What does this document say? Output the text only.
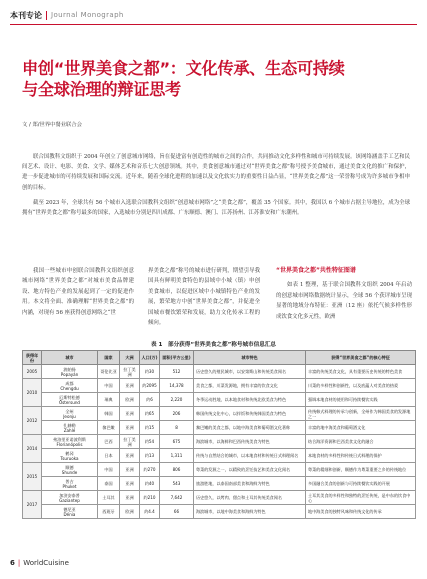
本刊专论 Journal Monograph
申创“世界美食之都”：文化传承、生态可持续
与全球治理的辩证思考
文 / 郑/世界中餐业联合会

联合国教科文组织于 2004 年创立了创意城市网络，旨在促进富有创造性的城市之间的合作，共同推动文化多样性和城市可持续发展。该网络涵盖手工艺和民间艺术、设计、电影、美食、文学、媒体艺术和音乐七大创意领域。其中，美食创意城市通过对“世界美食之都”称号授予美食城市，通过美食文化的推广和保护，进一步促进城市的可持续发展和国际交流。近年来，随着全球化进程的加速以及文化软实力的重要性日益凸显，“世界美食之都”这一荣誉称号成为许多城市争相申创的目标。

截至 2023 年，全球共有 56 个城市入选联合国教科文组织“创意城市网络”之“美食之都”，覆盖 35 个国家。其中，我国以 6 个城市占据主导地位，成为全球拥有“世界美食之都”称号最多的国家，入选城市分别是四川成都、广东顺德、澳门、江苏扬州、江苏淮安和广东潮州。

我国一些城市申创联合国教科文组织创意城市网络“世界美食之都”对城市美食品牌建设、地方特色产业的发展起到了一定的促进作用。本文将全面、准确理解“世界美食之都”的内涵，对现有 56 座获得创意网络之“世

界美食之都”称号的城市进行研判，期望引导我国具有鲜明美食特色的县域中小城（镇）申创美食城市，以促进区域中小城镇特色产业的发展，繁荣地方中创“世界美食之都”，并促进全国城市餐饮繁荣和发展，助力文化传承工程的倾向。

“世界美食之都”共性特征图谱

如表 1 整理，基于联合国教科文组织 2004 年启动的创意城市网络数据统计显示，全球 56 个获评城市呈现显著的地域分布特征：亚洲（12 座）依托气候多样性形成饮食文化多元性，欧洲

表 1　部分获得“世界美食之都”称号城市信息汇总
获得年份	城市	国家	大洲	人口(万)	面积(平方公里)	城市特色	获得“世界美食之都”的核心特征
2005	波帕扬
Popayán	哥伦比亚	拉丁美洲	约30	512	历史悠久的殖民城市，以安第斯山和传统美食闻名	丰富的传统美食文化，具有重要历史传统的特色美食
2010	成都
Chengdu	中国	亚洲	约2095	14,378	美食之都，川菜发源地，拥有丰富的饮食文化	川菜的多样性和创新性，以及底蕴人对美食的热爱

	厄斯特松德
Östersund	瑞典	欧洲	约6	2,220	冬季运动胜地，以本地食材和传统北欧美食为特色	强调本地食材的使用和可持续餐饮实践
2012	全州
Jeonju	韩国	亚洲	约65	206	韩国传统文化中心，以拌饭和传统韩国美食为特色	传统韩式料理的传承与创新，全州作为韩国美食的发源地之一

	扎赫勒
Zahlé	黎巴嫩	亚洲	约15	8	黎巴嫩的美食之都，以地中海美食和葡萄酒文化著称	丰富的地中海美食和葡萄酒文化
2014	弗洛里亚诺波利斯
Florianópolis	巴西	拉丁美洲	约54	675	海滨城市，以海鲜和巴西传统美食为特色	结合海洋资源和巴西美食文化的融合

	鹤冈
Tsuruoka	日本	亚洲	约13	1,311	传统与自然结合的城市，以本地食材和传统日式料理闻名	本地食材的多样性和传统日式料理的保护
2015	顺德
Shunde	中国	亚洲	约270	806	粤菜的发源之一，以精致的烹饪技艺和美食文化闻名	粤菜的精细和创新，顺德作为粤菜重要之乡的传统地位

	普吉
Phuket	泰国	亚洲	约40	543	旅游胜地，以泰国南部美食和海鲜为特色	多国融合美食的创新与可持续餐饮实践的开展
2017	加济安泰普
Gaziantep	土耳其	亚洲	约210	7,642	历史悠久，以烤肉、甜点和土耳其传统美食闻名	土耳其美食的多样性和独特的烹饪传统，是中东的饮食中心

	德尼亚
Dénia	西班牙	欧洲	约4.4	66	海滨城市，以地中海美食和海鲜为特色	地中海美食的独特风味和传统文化的传承
6 | WorldCuisine
